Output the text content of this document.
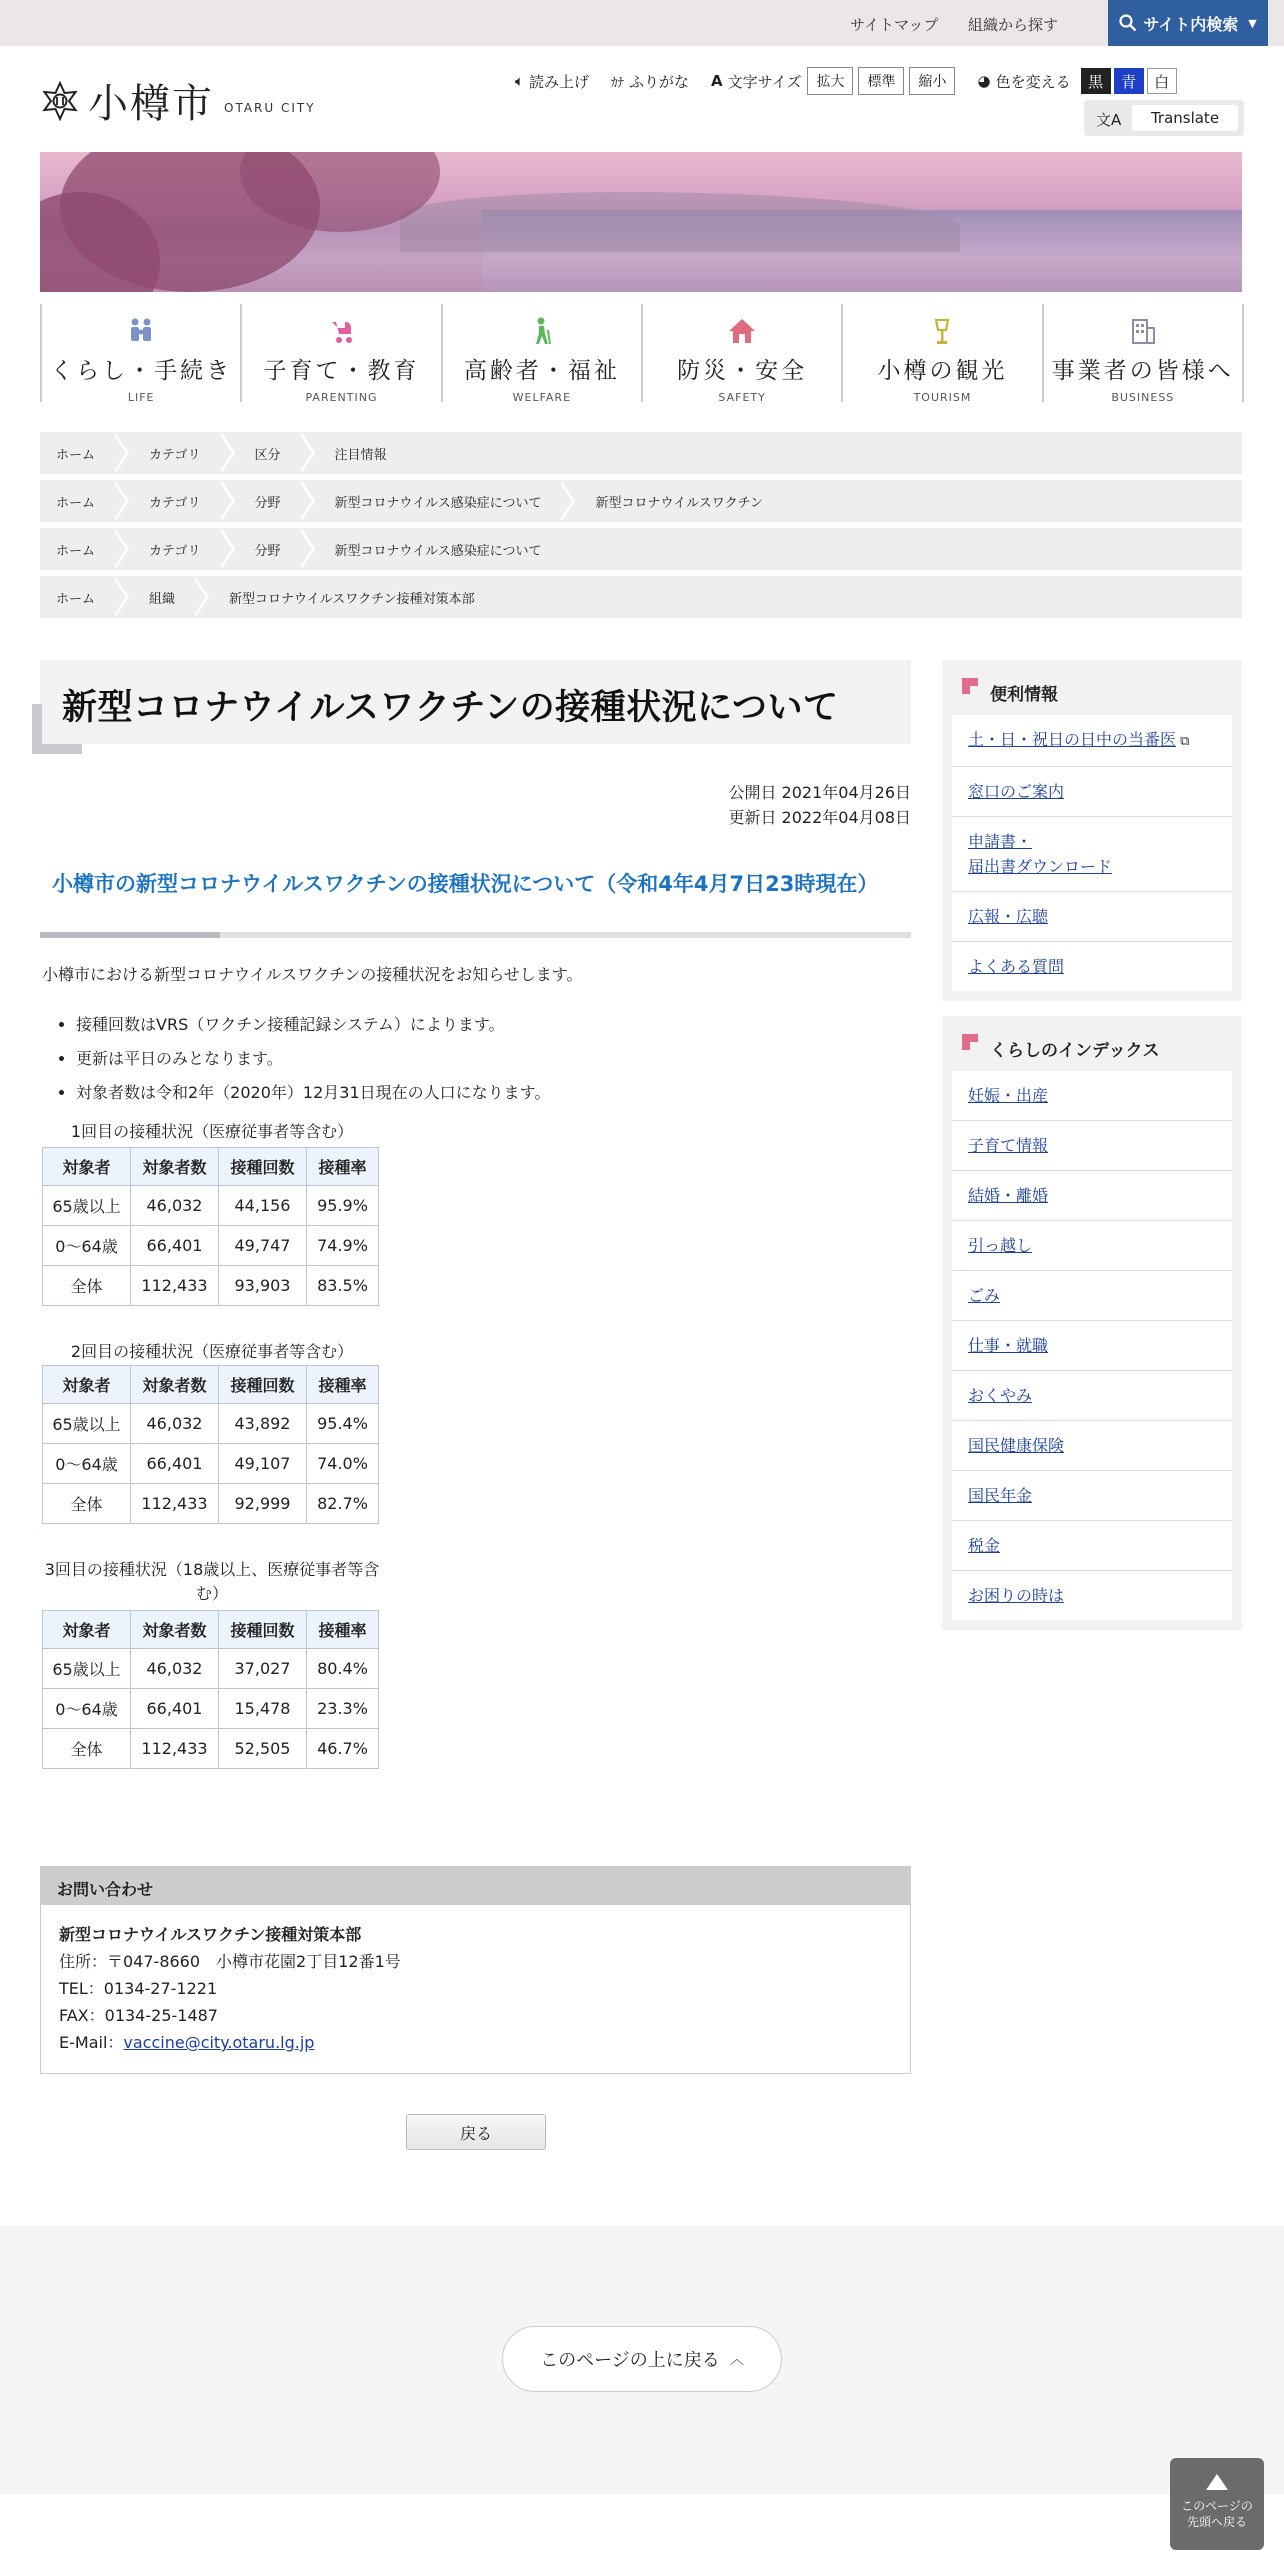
サイトマップ 組織から探す	サイト内検索 ▼
小樽市 OTARU CITY
🔈︎ 読み上げ ｶﾅ ふりがな A 文字サイズ	拡大	標準	縮小	◕ 色を変える	黒	青	白
文A	Translate
くらし・手続き
LIFE
子育て・教育
PARENTING
高齢者・福祉
WELFARE
防災・安全
SAFETY
小樽の観光
TOURISM
事業者の皆様へ
BUSINESS
ホーム	カテゴリ	区分	注目情報
ホーム	カテゴリ	分野	新型コロナウイルス感染症について	新型コロナウイルスワクチン
ホーム	カテゴリ	分野	新型コロナウイルス感染症について
ホーム	組織	新型コロナウイルスワクチン接種対策本部
新型コロナウイルスワクチンの接種状況について
公開日 2021年04月26日
更新日 2022年04月08日
小樽市の新型コロナウイルスワクチンの接種状況について（令和4年4月7日23時現在）

小樽市における新型コロナウイルスワクチンの接種状況をお知らせします。

• 接種回数はVRS（ワクチン接種記録システム）によります。
• 更新は平日のみとなります。
• 対象者数は令和2年（2020年）12月31日現在の人口になります。
1回目の接種状況（医療従事者等含む）
対象者	対象者数	接種回数	接種率
65歳以上	46,032	44,156	95.9%
0～64歳	66,401	49,747	74.9%
全体	112,433	93,903	83.5%
2回目の接種状況（医療従事者等含む）
対象者	対象者数	接種回数	接種率
65歳以上	46,032	43,892	95.4%
0～64歳	66,401	49,107	74.0%
全体	112,433	92,999	82.7%
3回目の接種状況（18歳以上、医療従事者等含む）
対象者	対象者数	接種回数	接種率
65歳以上	46,032	37,027	80.4%
0～64歳	66,401	15,478	23.3%
全体	112,433	52,505	46.7%
お問い合わせ
新型コロナウイルスワクチン接種対策本部
住所：〒047-8660　小樽市花園2丁目12番1号
TEL：0134-27-1221
FAX：0134-25-1487
E-Mail：vaccine@city.otaru.lg.jp
戻る
便利情報
土・日・祝日の日中の当番医 ⧉
窓口のご案内
申請書・
届出書ダウンロード
広報・広聴
よくある質問
くらしのインデックス
妊娠・出産
子育て情報
結婚・離婚
引っ越し
ごみ
仕事・就職
おくやみ
国民健康保険
国民年金
税金
お困りの時は
このページの上に戻る ︿
このページの
先頭へ戻る
